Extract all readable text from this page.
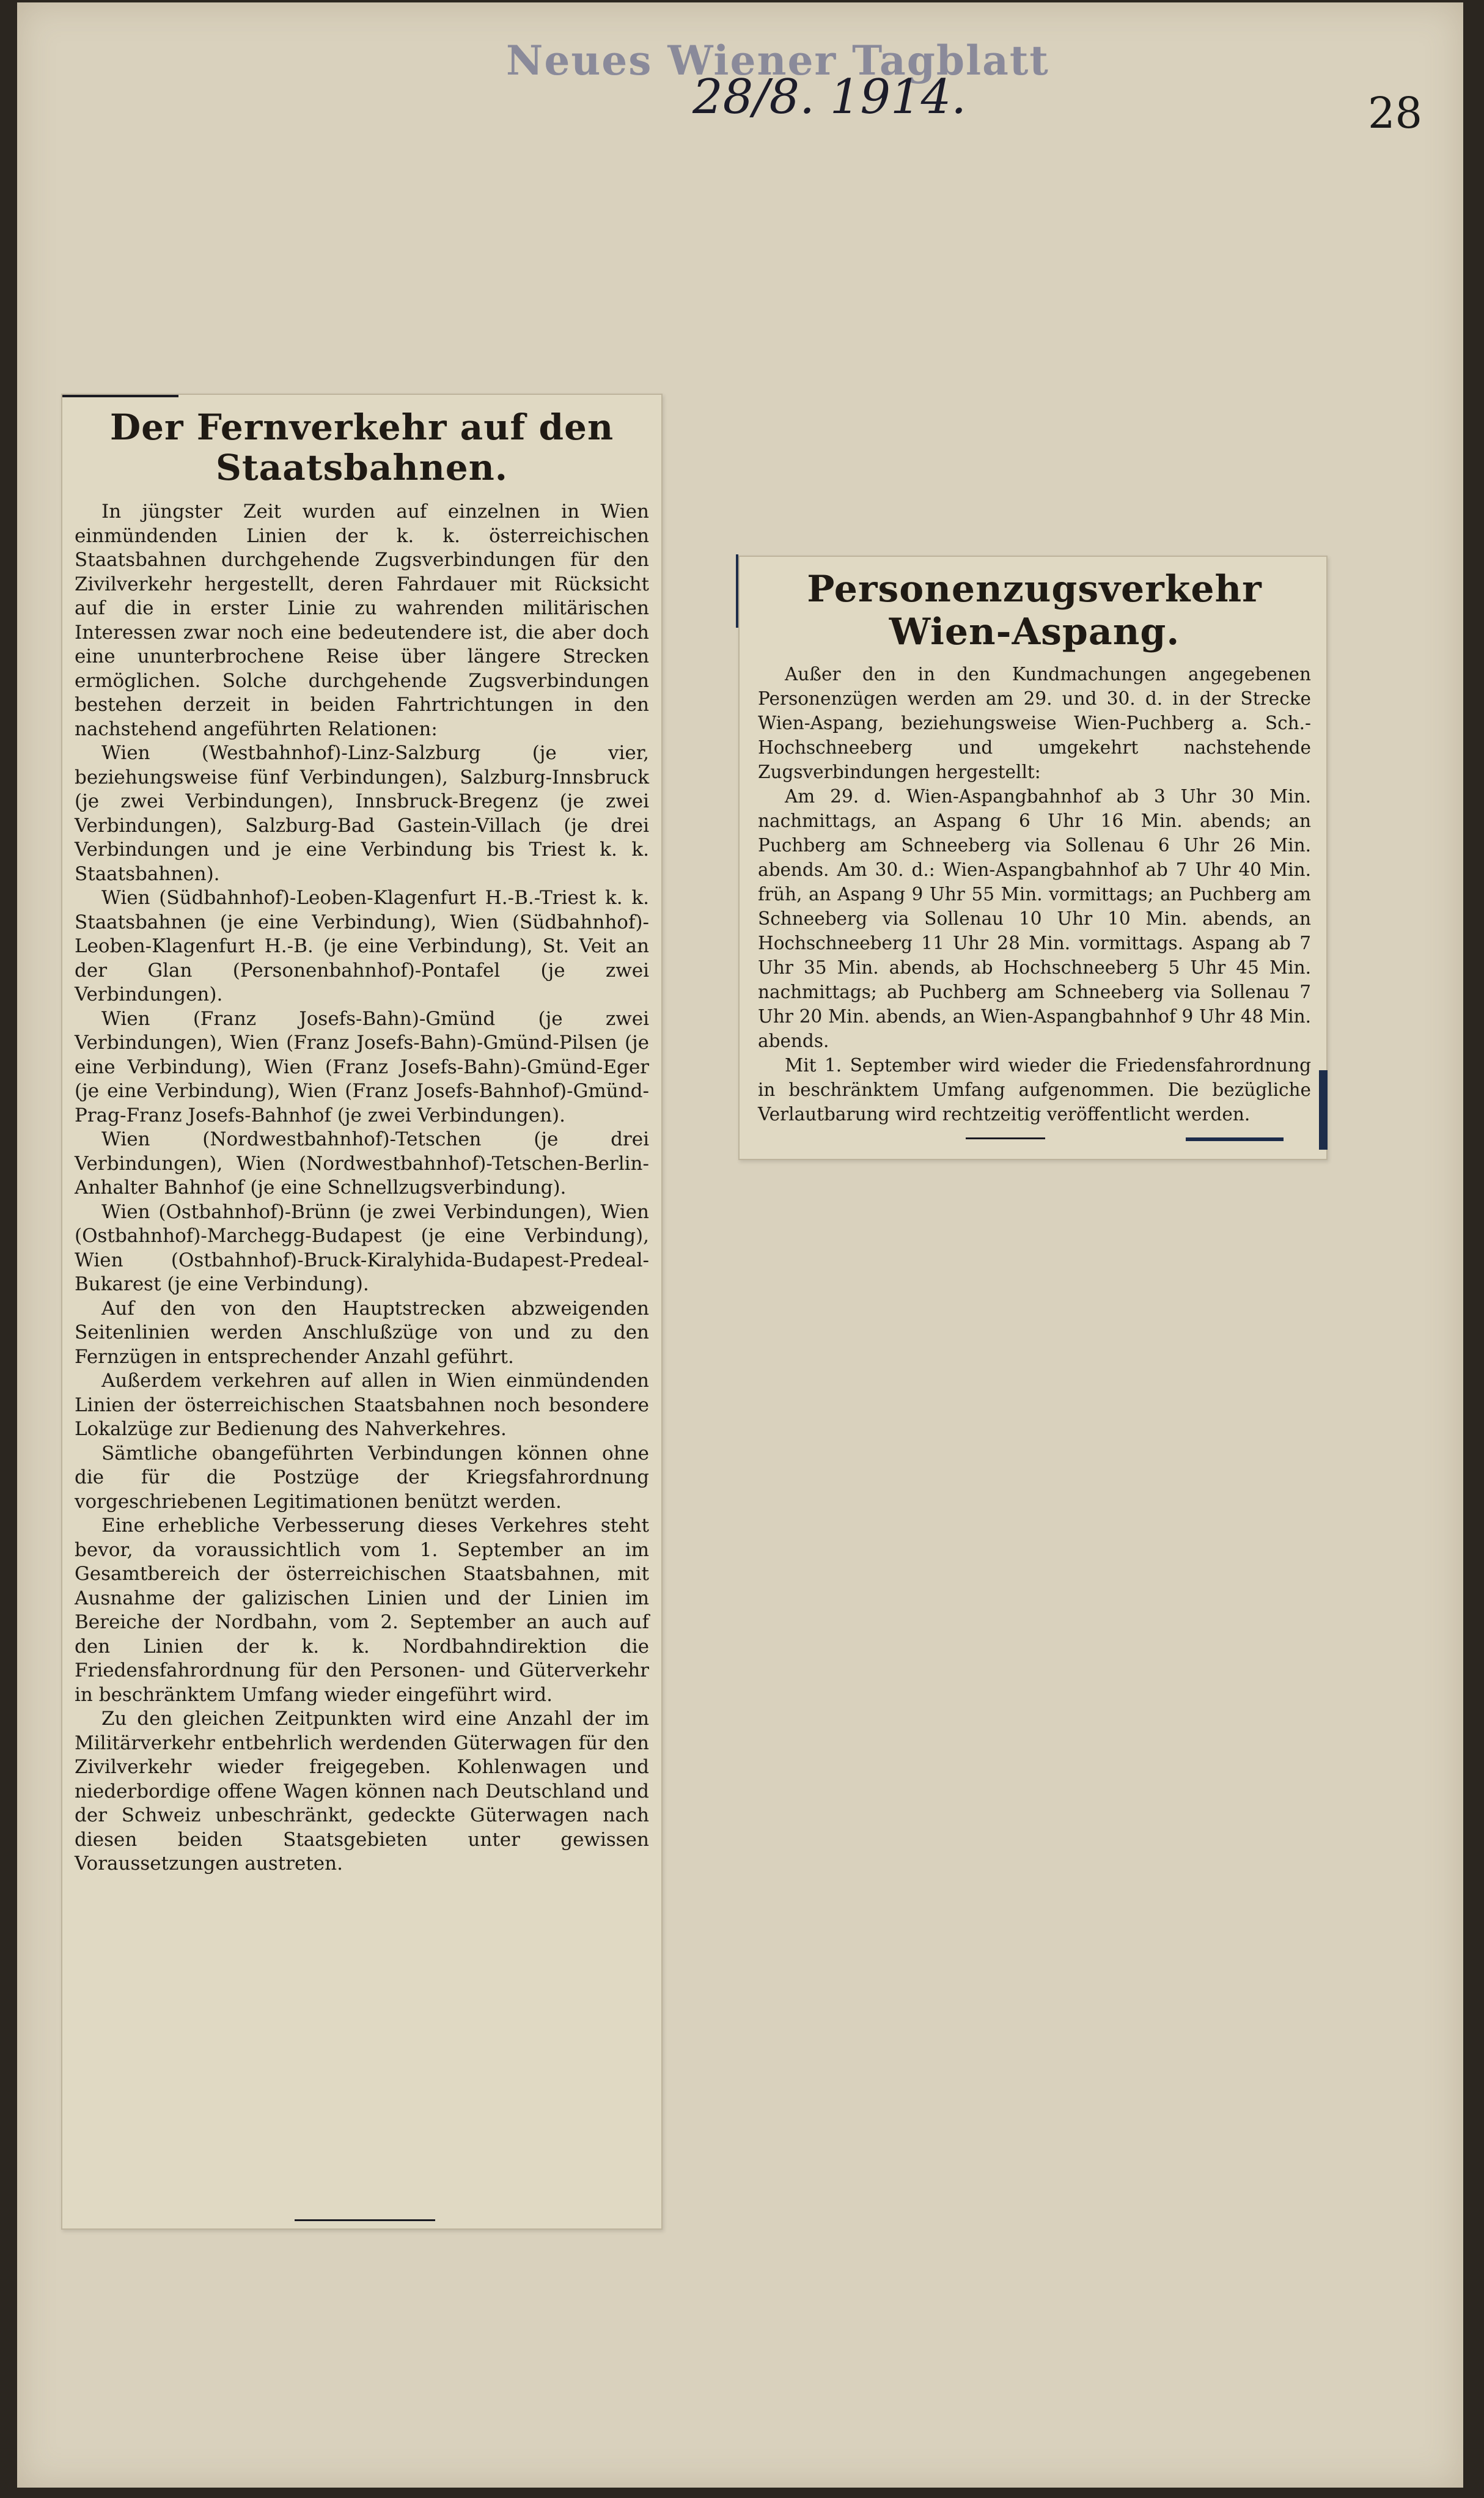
Neues Wiener Tagblatt
28/8. 1914.	28
Der Fernverkehr auf den Staatsbahnen.

In jüngster Zeit wurden auf einzelnen in Wien einmündenden Linien der k. k. österreichischen Staatsbahnen durchgehende Zugsverbindungen für den Zivilverkehr hergestellt, deren Fahrdauer mit Rücksicht auf die in erster Linie zu wahrenden militärischen Interessen zwar noch eine bedeutendere ist, die aber doch eine ununterbrochene Reise über längere Strecken ermöglichen. Solche durchgehende Zugsverbindungen bestehen derzeit in beiden Fahrtrichtungen in den nachstehend angeführten Relationen:

Wien (Westbahnhof)-Linz-Salzburg (je vier, beziehungsweise fünf Verbindungen), Salzburg-Innsbruck (je zwei Verbindungen), Innsbruck-Bregenz (je zwei Verbindungen), Salzburg-Bad Gastein-Villach (je drei Verbindungen und je eine Verbindung bis Triest k. k. Staatsbahnen).

Wien (Südbahnhof)-Leoben-Klagenfurt H.-B.-Triest k. k. Staatsbahnen (je eine Verbindung), Wien (Südbahnhof)-Leoben-Klagenfurt H.-B. (je eine Verbindung), St. Veit an der Glan (Personenbahnhof)-Pontafel (je zwei Verbindungen).

Wien (Franz Josefs-Bahn)-Gmünd (je zwei Verbindungen), Wien (Franz Josefs-Bahn)-Gmünd-Pilsen (je eine Verbindung), Wien (Franz Josefs-Bahn)-Gmünd-Eger (je eine Verbindung), Wien (Franz Josefs-Bahnhof)-Gmünd-Prag-Franz Josefs-Bahnhof (je zwei Verbindungen).

Wien (Nordwestbahnhof)-Tetschen (je drei Verbindungen), Wien (Nordwestbahnhof)-Tetschen-Berlin-Anhalter Bahnhof (je eine Schnellzugsverbindung).

Wien (Ostbahnhof)-Brünn (je zwei Verbindungen), Wien (Ostbahnhof)-Marchegg-Budapest (je eine Verbindung), Wien (Ostbahnhof)-Bruck-Kiralyhida-Budapest-Predeal-Bukarest (je eine Verbindung).

Auf den von den Hauptstrecken abzweigenden Seitenlinien werden Anschlußzüge von und zu den Fernzügen in entsprechender Anzahl geführt.

Außerdem verkehren auf allen in Wien einmündenden Linien der österreichischen Staatsbahnen noch besondere Lokalzüge zur Bedienung des Nahverkehres.

Sämtliche obangeführten Verbindungen können ohne die für die Postzüge der Kriegsfahrordnung vorgeschriebenen Legitimationen benützt werden.

Eine erhebliche Verbesserung dieses Verkehres steht bevor, da voraussichtlich vom 1. September an im Gesamtbereich der österreichischen Staatsbahnen, mit Ausnahme der galizischen Linien und der Linien im Bereiche der Nordbahn, vom 2. September an auch auf den Linien der k. k. Nordbahndirektion die Friedensfahrordnung für den Personen- und Güterverkehr in beschränktem Umfang wieder eingeführt wird.

Zu den gleichen Zeitpunkten wird eine Anzahl der im Militärverkehr entbehrlich werdenden Güterwagen für den Zivilverkehr wieder freigegeben. Kohlenwagen und niederbordige offene Wagen können nach Deutschland und der Schweiz unbeschränkt, gedeckte Güterwagen nach diesen beiden Staatsgebieten unter gewissen Voraussetzungen austreten.

Personenzugsverkehr Wien-Aspang.

Außer den in den Kundmachungen angegebenen Personenzügen werden am 29. und 30. d. in der Strecke Wien-Aspang, beziehungsweise Wien-Puchberg a. Sch.-Hochschneeberg und umgekehrt nachstehende Zugsverbindungen hergestellt:

Am 29. d. Wien-Aspangbahnhof ab 3 Uhr 30 Min. nachmittags, an Aspang 6 Uhr 16 Min. abends; an Puchberg am Schneeberg via Sollenau 6 Uhr 26 Min. abends. Am 30. d.: Wien-Aspangbahnhof ab 7 Uhr 40 Min. früh, an Aspang 9 Uhr 55 Min. vormittags; an Puchberg am Schneeberg via Sollenau 10 Uhr 10 Min. abends, an Hochschneeberg 11 Uhr 28 Min. vormittags. Aspang ab 7 Uhr 35 Min. abends, ab Hochschneeberg 5 Uhr 45 Min. nachmittags; ab Puchberg am Schneeberg via Sollenau 7 Uhr 20 Min. abends, an Wien-Aspangbahnhof 9 Uhr 48 Min. abends.

Mit 1. September wird wieder die Friedensfahrordnung in beschränktem Umfang aufgenommen. Die bezügliche Verlautbarung wird rechtzeitig veröffentlicht werden.
